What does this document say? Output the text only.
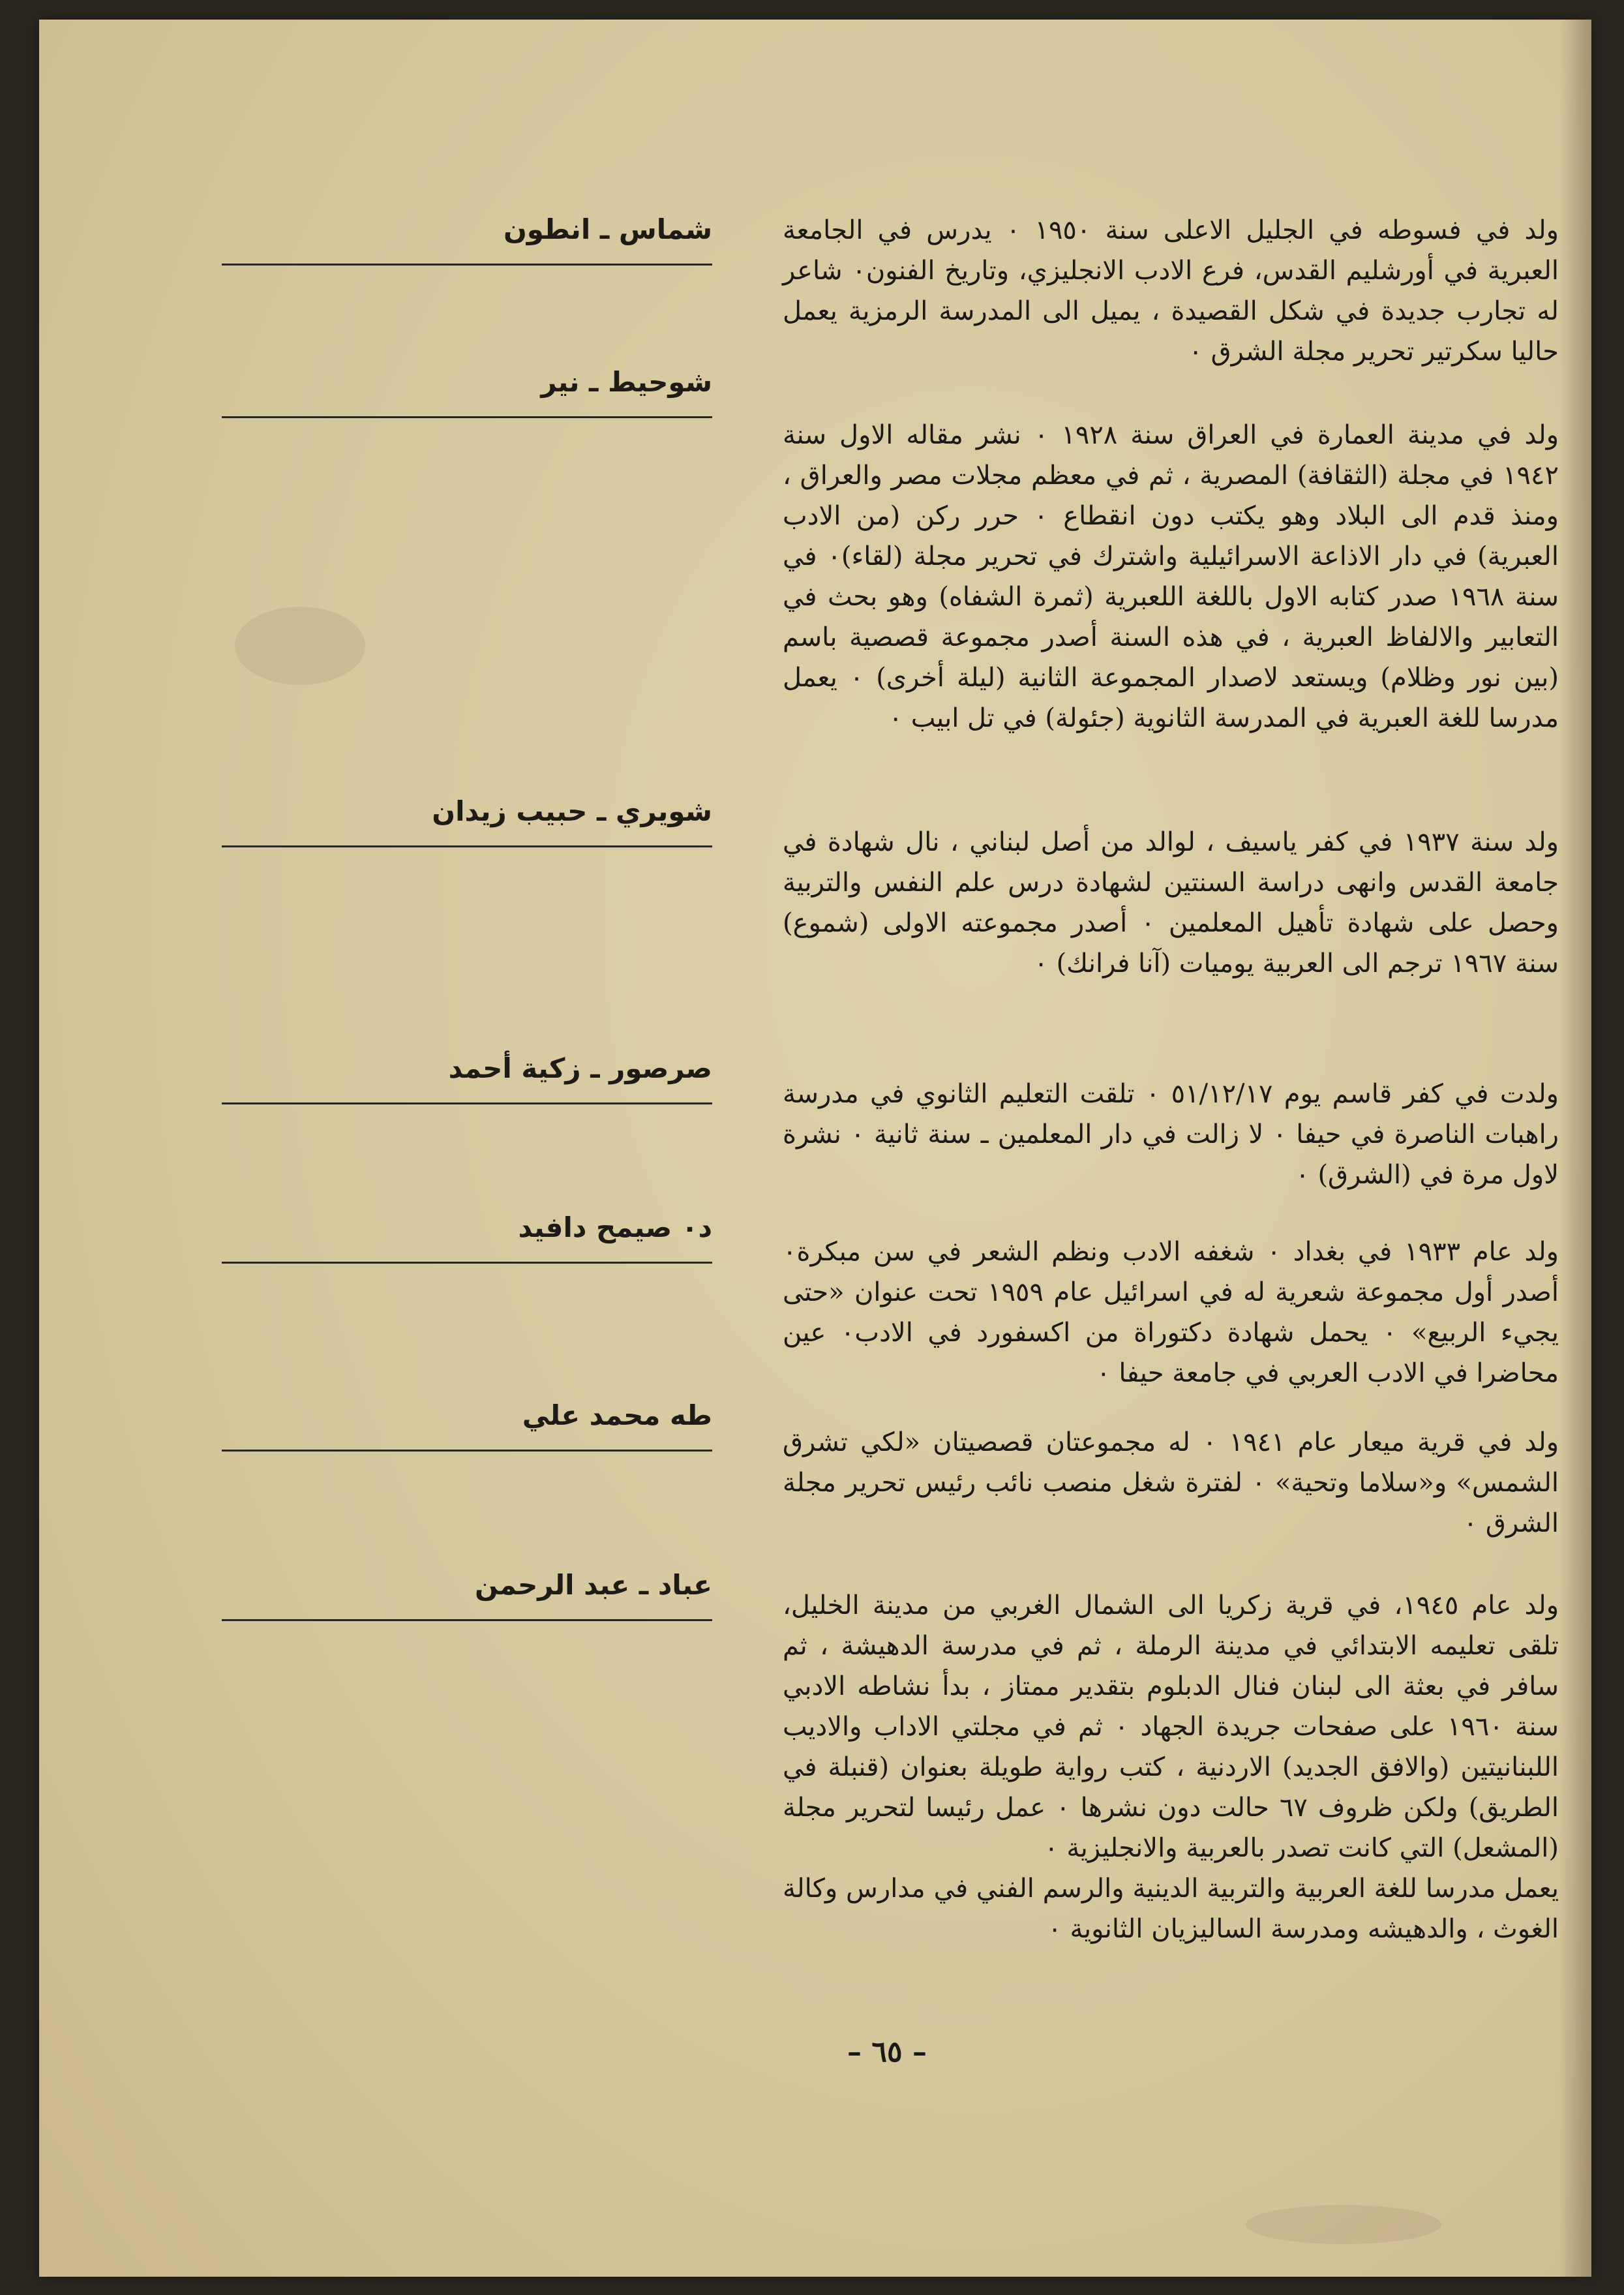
شماس ـ انطون	ولد في فسوطه في الجليل الاعلى سنة ١٩٥٠ ٠ يدرس في الجامعة العبرية في أورشليم القدس، فرع الادب الانجليزي، وتاريخ الفنون٠ شاعر له تجارب جديدة في شكل القصيدة ، يميل الى المدرسة الرمزية يعمل حاليا سكرتير تحرير مجلة الشرق ٠

شوحيط ـ نير

ولد في مدينة العمارة في العراق سنة ١٩٢٨ ٠ نشر مقاله الاول سنة ١٩٤٢ في مجلة (الثقافة) المصرية ، ثم في معظم مجلات مصر والعراق ، ومنذ قدم الى البلاد وهو يكتب دون انقطاع ٠ حرر ركن (من الادب العبرية) في دار الاذاعة الاسرائيلية واشترك في تحرير مجلة (لقاء)٠ في سنة ١٩٦٨ صدر كتابه الاول باللغة اللعبرية (ثمرة الشفاه) وهو بحث في التعابير والالفاظ العبرية ، في هذه السنة أصدر مجموعة قصصية باسم (بين نور وظلام) ويستعد لاصدار المجموعة الثانية (ليلة أخرى) ٠ يعمل مدرسا للغة العبرية في المدرسة الثانوية (جئولة) في تل ابيب ٠

شويري ـ حبيب زيدان

ولد سنة ١٩٣٧ في كفر ياسيف ، لوالد من أصل لبناني ، نال شهادة في جامعة القدس وانهى دراسة السنتين لشهادة درس علم النفس والتربية وحصل على شهادة تأهيل المعلمين ٠ أصدر مجموعته الاولى (شموع) سنة ١٩٦٧ ترجم الى العربية يوميات (آنا فرانك) ٠

صرصور ـ زكية أحمد

ولدت في كفر قاسم يوم ٥١/١٢/١٧ ٠ تلقت التعليم الثانوي في مدرسة راهبات الناصرة في حيفا ٠ لا زالت في دار المعلمين ـ سنة ثانية ٠ نشرة لاول مرة في (الشرق) ٠

د٠ صيمح دافيد

ولد عام ١٩٣٣ في بغداد ٠ شغفه الادب ونظم الشعر في سن مبكرة٠ أصدر أول مجموعة شعرية له في اسرائيل عام ١٩٥٩ تحت عنوان «حتى يجيء الربيع» ٠ يحمل شهادة دكتوراة من اكسفورد في الادب٠ عين محاضرا في الادب العربي في جامعة حيفا ٠

طه محمد علي

ولد في قرية ميعار عام ١٩٤١ ٠ له مجموعتان قصصيتان «لكي تشرق الشمس» و«سلاما وتحية» ٠ لفترة شغل منصب نائب رئيس تحرير مجلة الشرق ٠

عباد ـ عبد الرحمن

ولد عام ١٩٤٥، في قرية زكريا الى الشمال الغربي من مدينة الخليل، تلقى تعليمه الابتدائي في مدينة الرملة ، ثم في مدرسة الدهيشة ، ثم سافر في بعثة الى لبنان فنال الدبلوم بتقدير ممتاز ، بدأ نشاطه الادبي سنة ١٩٦٠ على صفحات جريدة الجهاد ٠ ثم في مجلتي الاداب والاديب اللبنانيتين (والافق الجديد) الاردنية ، كتب رواية طويلة بعنوان (قنبلة في الطريق) ولكن ظروف ٦٧ حالت دون نشرها ٠ عمل رئيسا لتحرير مجلة (المشعل) التي كانت تصدر بالعربية والانجليزية ٠

يعمل مدرسا للغة العربية والتربية الدينية والرسم الفني في مدارس وكالة الغوث ، والدهيشه ومدرسة الساليزيان الثانوية ٠

– ٦٥ –
